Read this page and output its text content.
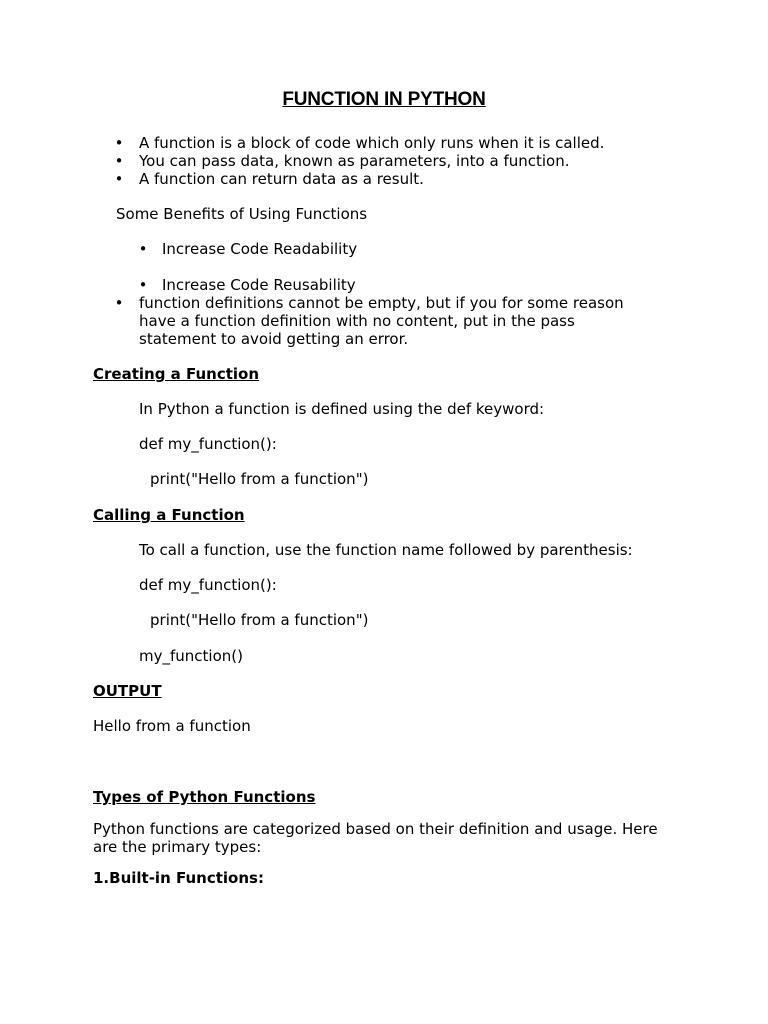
FUNCTION IN PYTHON
• A function is a block of code which only runs when it is called.
• You can pass data, known as parameters, into a function.
• A function can return data as a result.
Some Benefits of Using Functions
• Increase Code Readability
• Increase Code Reusability
• function definitions cannot be empty, but if you for some reason
have a function definition with no content, put in the pass
statement to avoid getting an error.
Creating a Function
In Python a function is defined using the def keyword:
def my_function():
print("Hello from a function")
Calling a Function
To call a function, use the function name followed by parenthesis:
def my_function():
print("Hello from a function")
my_function()
OUTPUT
Hello from a function
Types of Python Functions
Python functions are categorized based on their definition and usage. Here
are the primary types:
1.Built-in Functions:
